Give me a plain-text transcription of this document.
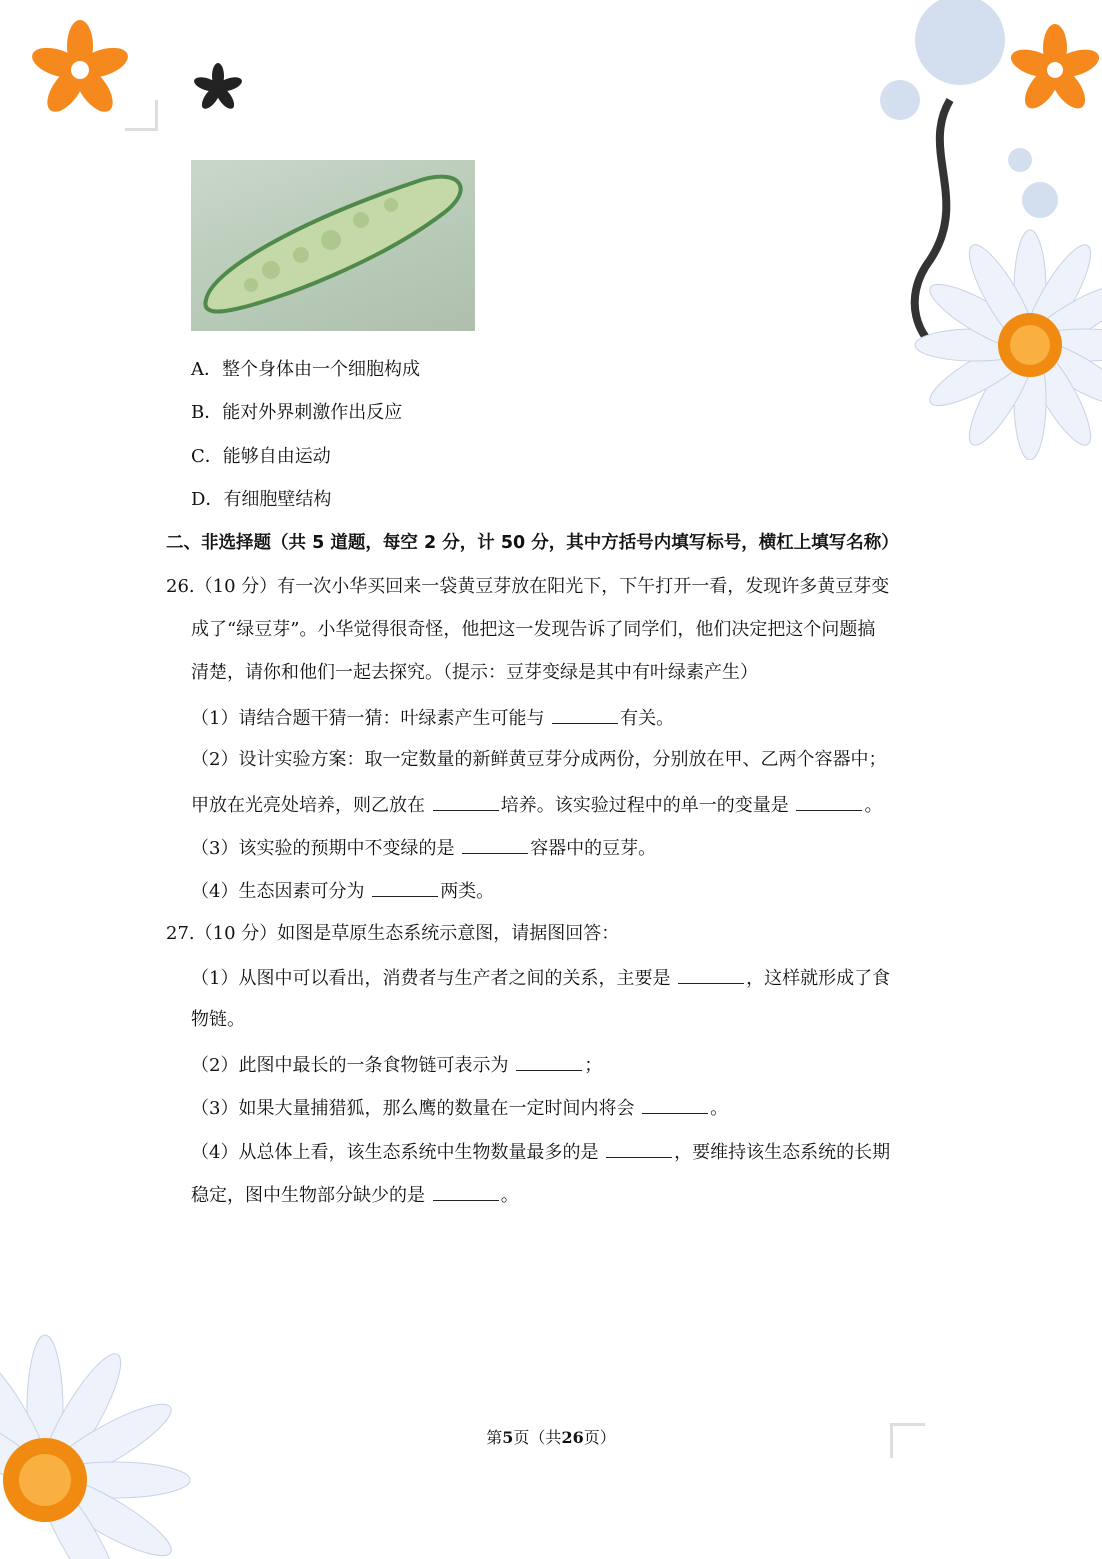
A．整个身体由一个细胞构成
B．能对外界刺激作出反应
C．能够自由运动
D．有细胞壁结构
二、非选择题（共 5 道题，每空 2 分，计 50 分，其中方括号内填写标号，横杠上填写名称）
26.（10 分）有一次小华买回来一袋黄豆芽放在阳光下，下午打开一看，发现许多黄豆芽变
成了“绿豆芽”。小华觉得很奇怪，他把这一发现告诉了同学们，他们决定把这个问题搞
清楚，请你和他们一起去探究。（提示：豆芽变绿是其中有叶绿素产生）
（1）请结合题干猜一猜：叶绿素产生可能与	有关。
（2）设计实验方案：取一定数量的新鲜黄豆芽分成两份，分别放在甲、乙两个容器中；
甲放在光亮处培养，则乙放在	培养。该实验过程中的单一的变量是	。
（3）该实验的预期中不变绿的是	容器中的豆芽。
（4）生态因素可分为	两类。
27.（10 分）如图是草原生态系统示意图，请据图回答：
（1）从图中可以看出，消费者与生产者之间的关系，主要是	，这样就形成了食
物链。
（2）此图中最长的一条食物链可表示为	；
（3）如果大量捕猎狐，那么鹰的数量在一定时间内将会	。
（4）从总体上看，该生态系统中生物数量最多的是	，要维持该生态系统的长期
稳定，图中生物部分缺少的是	。
第5页（共26页）
